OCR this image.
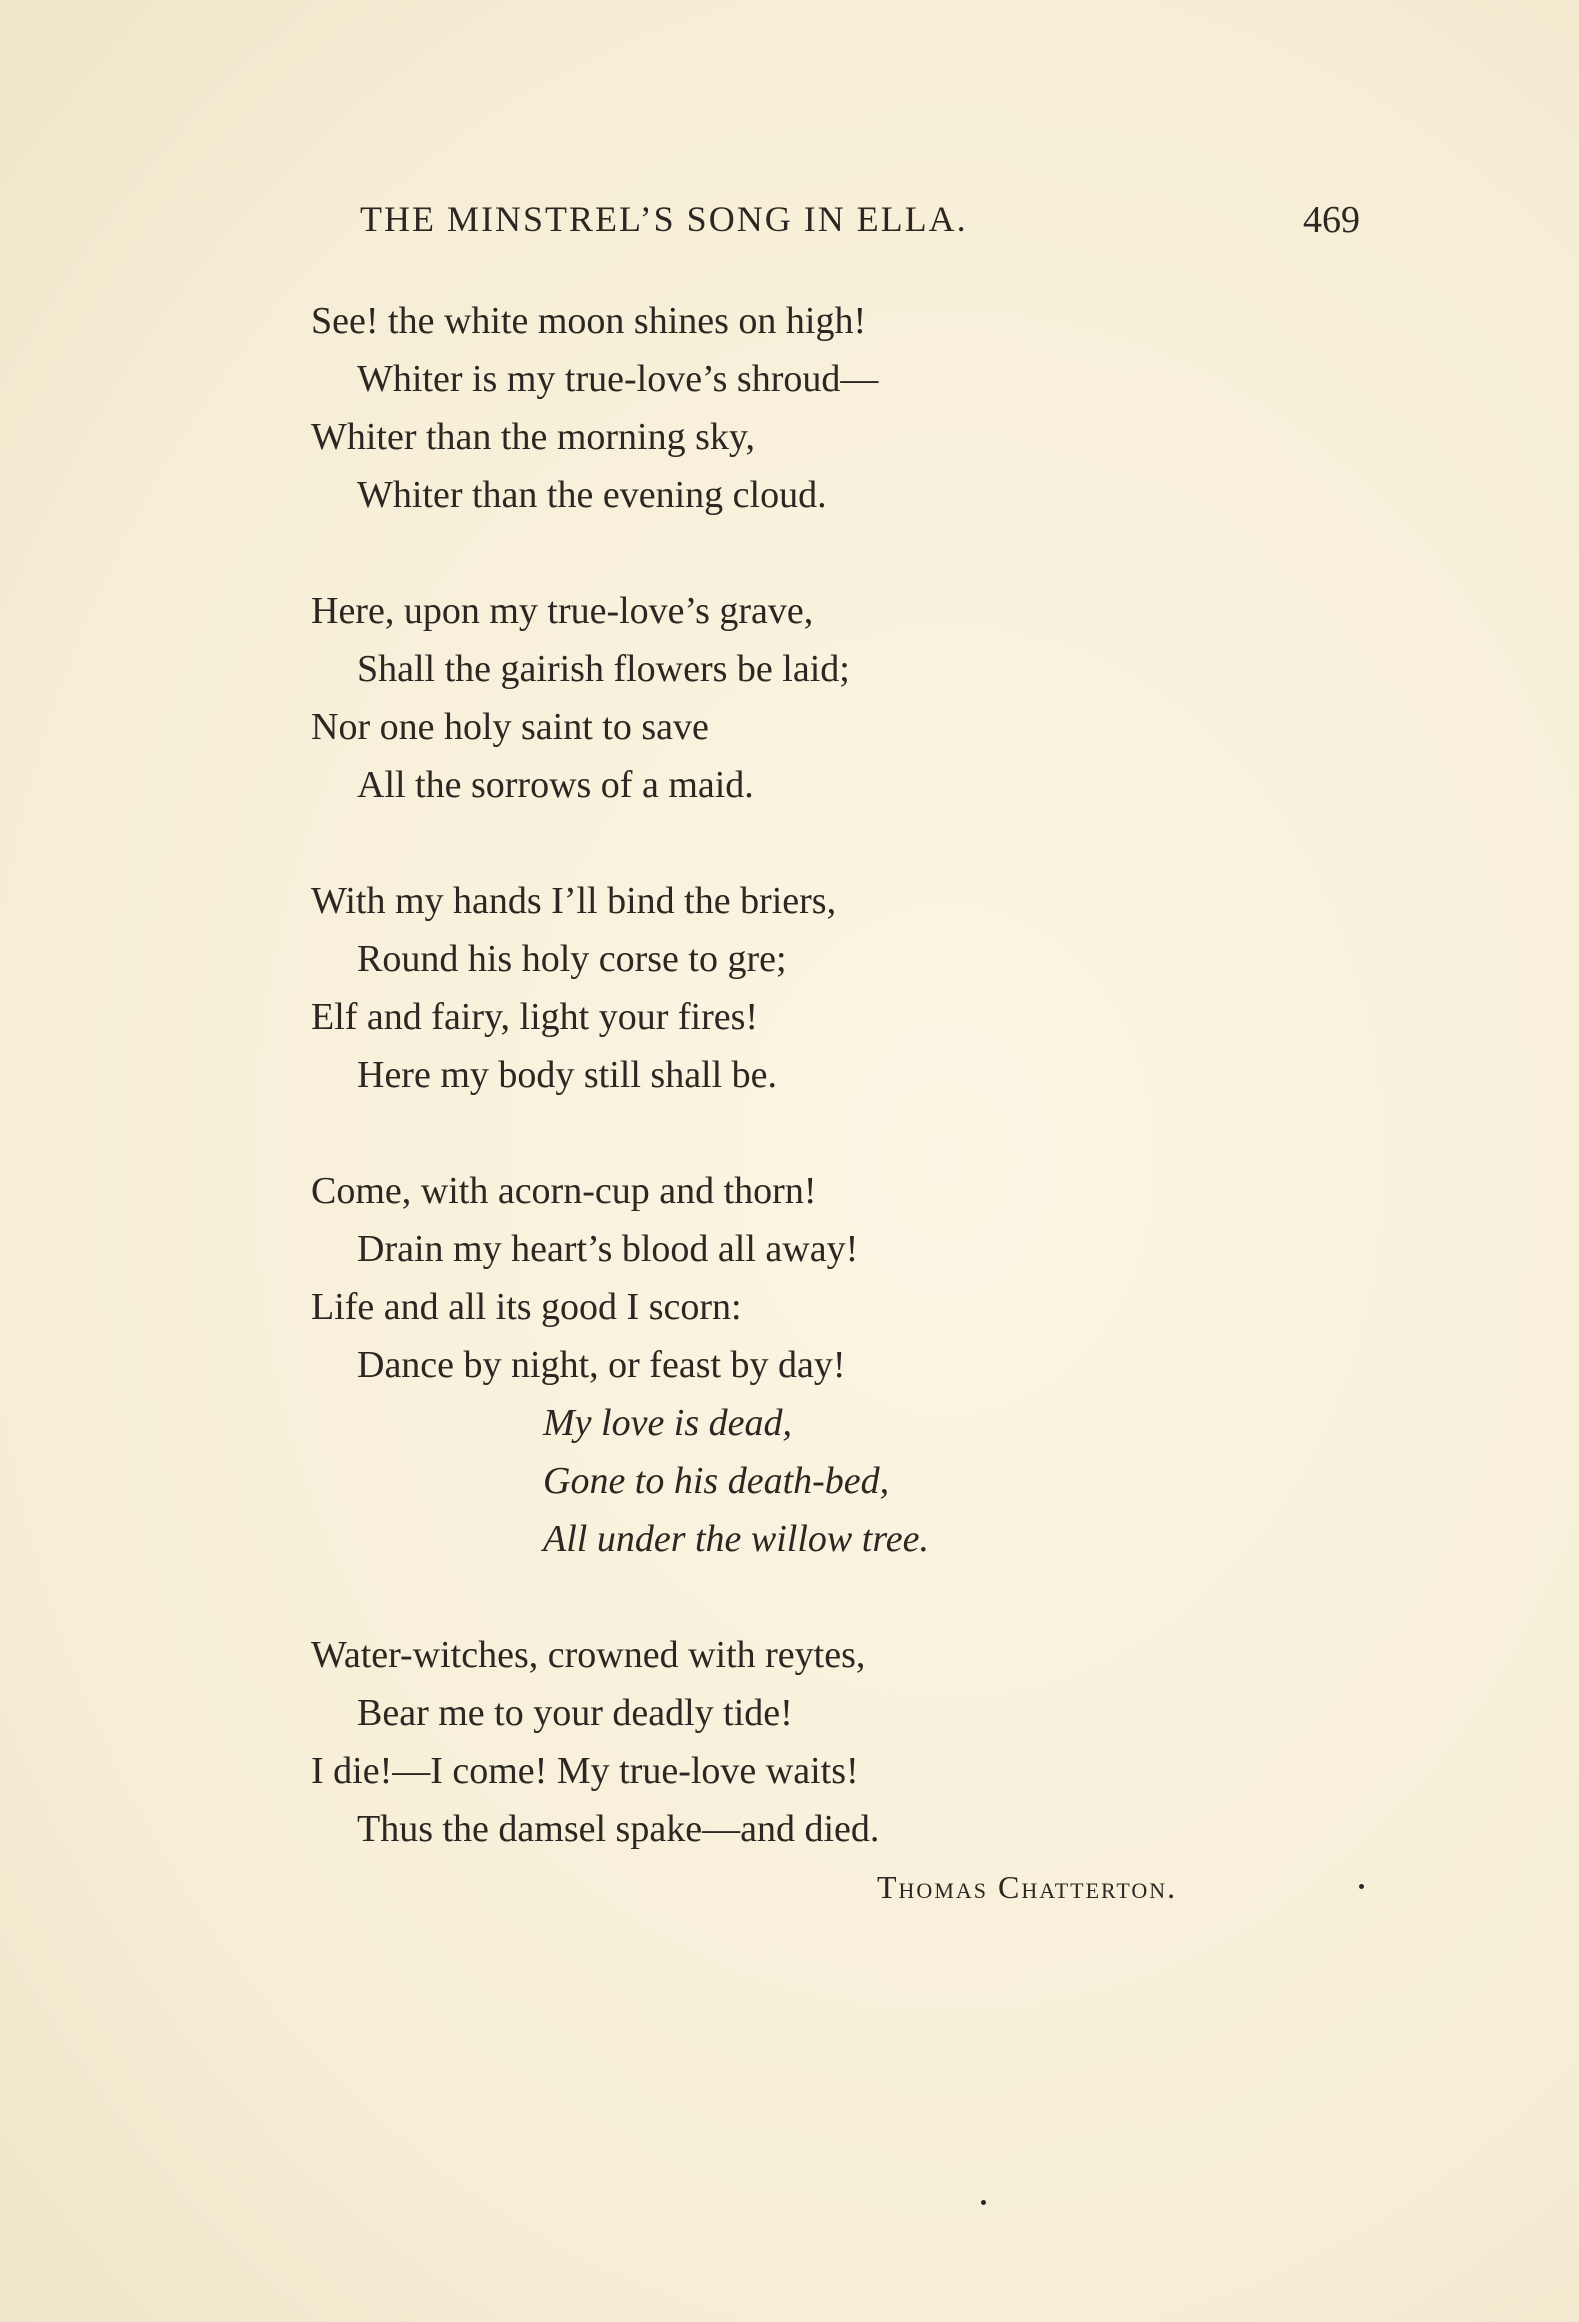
THE MINSTREL’S SONG IN ELLA.	469
See! the white moon shines on high!
Whiter is my true-love’s shroud—
Whiter than the morning sky,
Whiter than the evening cloud.
Here, upon my true-love’s grave,
Shall the gairish flowers be laid;
Nor one holy saint to save
All the sorrows of a maid.
With my hands I’ll bind the briers,
Round his holy corse to gre;
Elf and fairy, light your fires!
Here my body still shall be.
Come, with acorn-cup and thorn!
Drain my heart’s blood all away!
Life and all its good I scorn:
Dance by night, or feast by day!
My love is dead,
Gone to his death-bed,
All under the willow tree.
Water-witches, crowned with reytes,
Bear me to your deadly tide!
I die!—I come! My true-love waits!
Thus the damsel spake—and died.
Thomas Chatterton.
